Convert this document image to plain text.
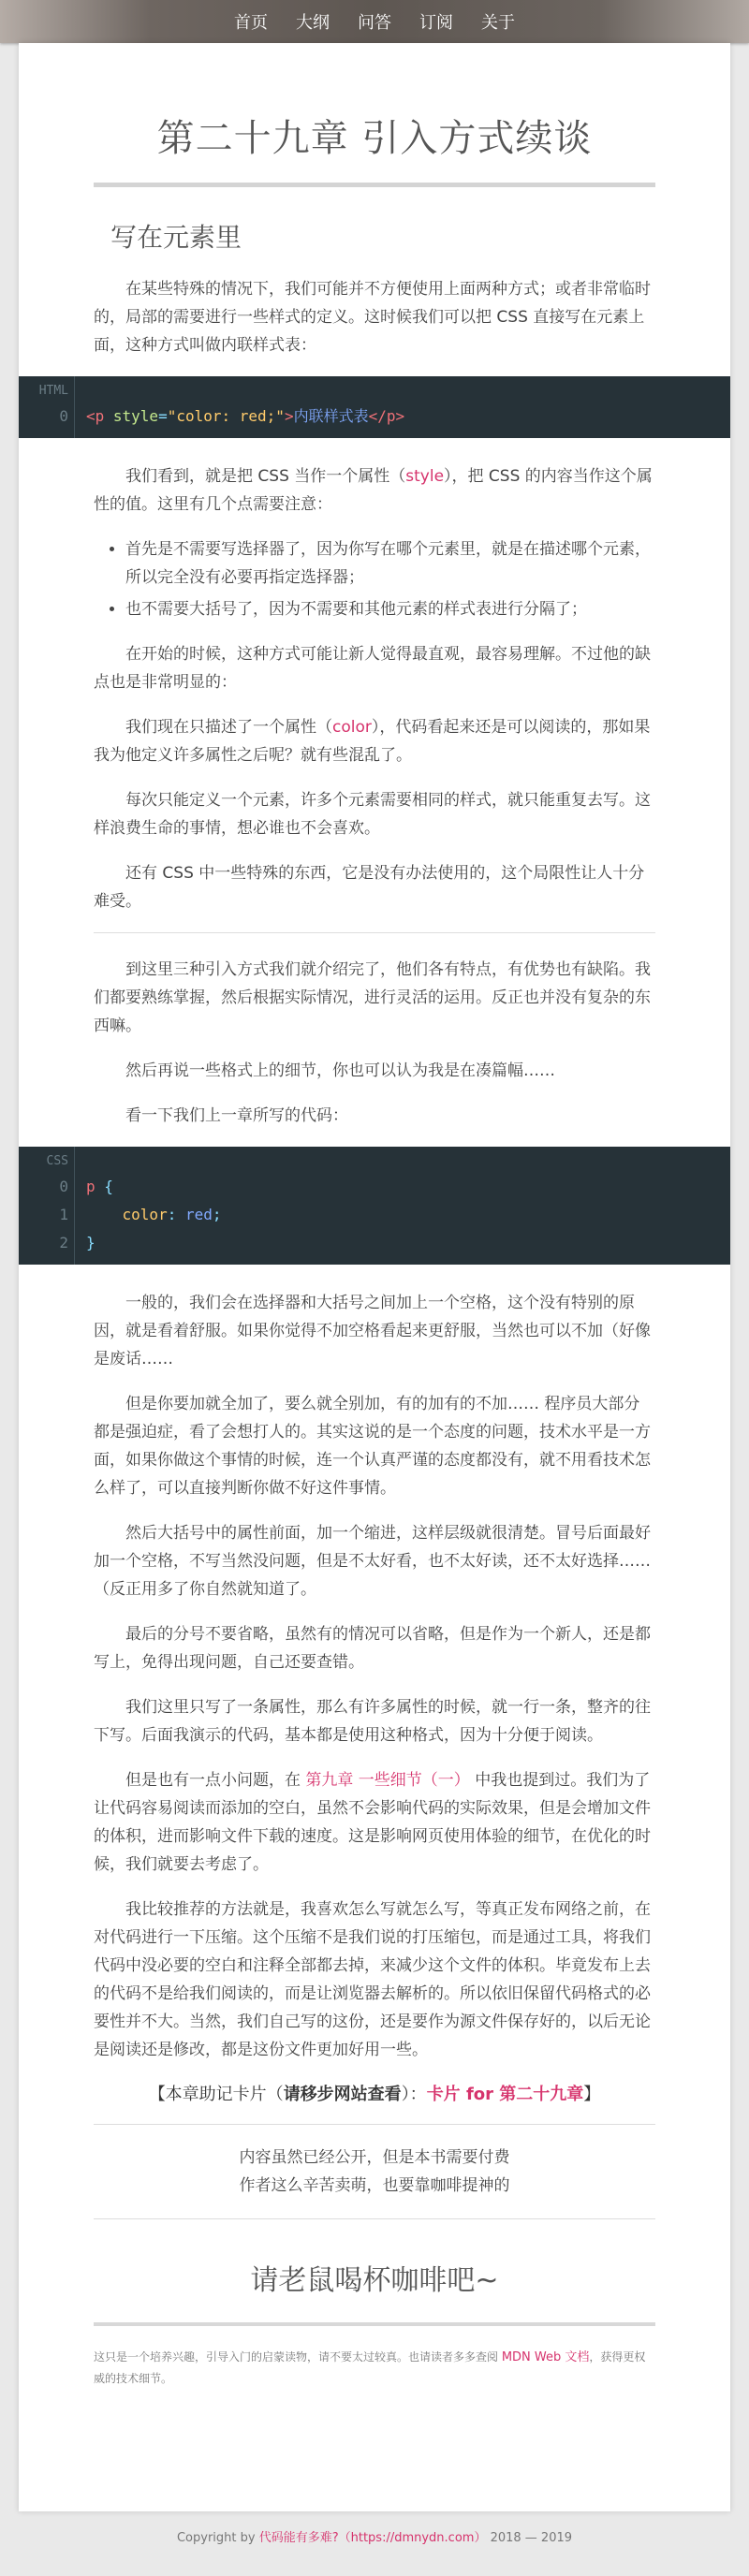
首页 大纲 问答 订阅 关于
第二十九章 引入方式续谈
写在元素里

在某些特殊的情况下，我们可能并不方便使用上面两种方式；或者非常临时的，局部的需要进行一些样式的定义。这时候我们可以把 CSS 直接写在元素上面，这种方式叫做内联样式表：

HTML
0 <p style="color: red;">内联样式表</p>

我们看到，就是把 CSS 当作一个属性（style），把 CSS 的内容当作这个属性的值。这里有几个点需要注意：

• 首先是不需要写选择器了，因为你写在哪个元素里，就是在描述哪个元素，所以完全没有必要再指定选择器；
• 也不需要大括号了，因为不需要和其他元素的样式表进行分隔了；

在开始的时候，这种方式可能让新人觉得最直观，最容易理解。不过他的缺点也是非常明显的：

我们现在只描述了一个属性（color），代码看起来还是可以阅读的，那如果我为他定义许多属性之后呢？就有些混乱了。

每次只能定义一个元素，许多个元素需要相同的样式，就只能重复去写。这样浪费生命的事情，想必谁也不会喜欢。

还有 CSS 中一些特殊的东西，它是没有办法使用的，这个局限性让人十分难受。

到这里三种引入方式我们就介绍完了，他们各有特点，有优势也有缺陷。我们都要熟练掌握，然后根据实际情况，进行灵活的运用。反正也并没有复杂的东西嘛。

然后再说一些格式上的细节，你也可以认为我是在凑篇幅……

看一下我们上一章所写的代码：

CSS
0
1
2
p {
color: red;
}

一般的，我们会在选择器和大括号之间加上一个空格，这个没有特别的原因，就是看着舒服。如果你觉得不加空格看起来更舒服，当然也可以不加（好像是废话……

但是你要加就全加了，要么就全别加，有的加有的不加…… 程序员大部分都是强迫症，看了会想打人的。其实这说的是一个态度的问题，技术水平是一方面，如果你做这个事情的时候，连一个认真严谨的态度都没有，就不用看技术怎么样了，可以直接判断你做不好这件事情。

然后大括号中的属性前面，加一个缩进，这样层级就很清楚。冒号后面最好加一个空格，不写当然没问题，但是不太好看，也不太好读，还不太好选择……（反正用多了你自然就知道了。

最后的分号不要省略，虽然有的情况可以省略，但是作为一个新人，还是都写上，免得出现问题，自己还要查错。

我们这里只写了一条属性，那么有许多属性的时候，就一行一条，整齐的往下写。后面我演示的代码，基本都是使用这种格式，因为十分便于阅读。

但是也有一点小问题，在 第九章 一些细节（一） 中我也提到过。我们为了让代码容易阅读而添加的空白，虽然不会影响代码的实际效果，但是会增加文件的体积，进而影响文件下载的速度。这是影响网页使用体验的细节，在优化的时候，我们就要去考虑了。

我比较推荐的方法就是，我喜欢怎么写就怎么写，等真正发布网络之前，在对代码进行一下压缩。这个压缩不是我们说的打压缩包，而是通过工具，将我们代码中没必要的空白和注释全部都去掉，来减少这个文件的体积。毕竟发布上去的代码不是给我们阅读的，而是让浏览器去解析的。所以依旧保留代码格式的必要性并不大。当然，我们自己写的这份，还是要作为源文件保存好的，以后无论是阅读还是修改，都是这份文件更加好用一些。

【本章助记卡片（请移步网站查看）：卡片 for 第二十九章】
内容虽然已经公开，但是本书需要付费
作者这么辛苦卖萌，也要靠咖啡提神的
请老鼠喝杯咖啡吧~
这只是一个培养兴趣，引导入门的启蒙读物，请不要太过较真。也请读者多多查阅 MDN Web 文档，获得更权威的技术细节。
Copyright by 代码能有多难?（https://dmnydn.com） 2018 — 2019
